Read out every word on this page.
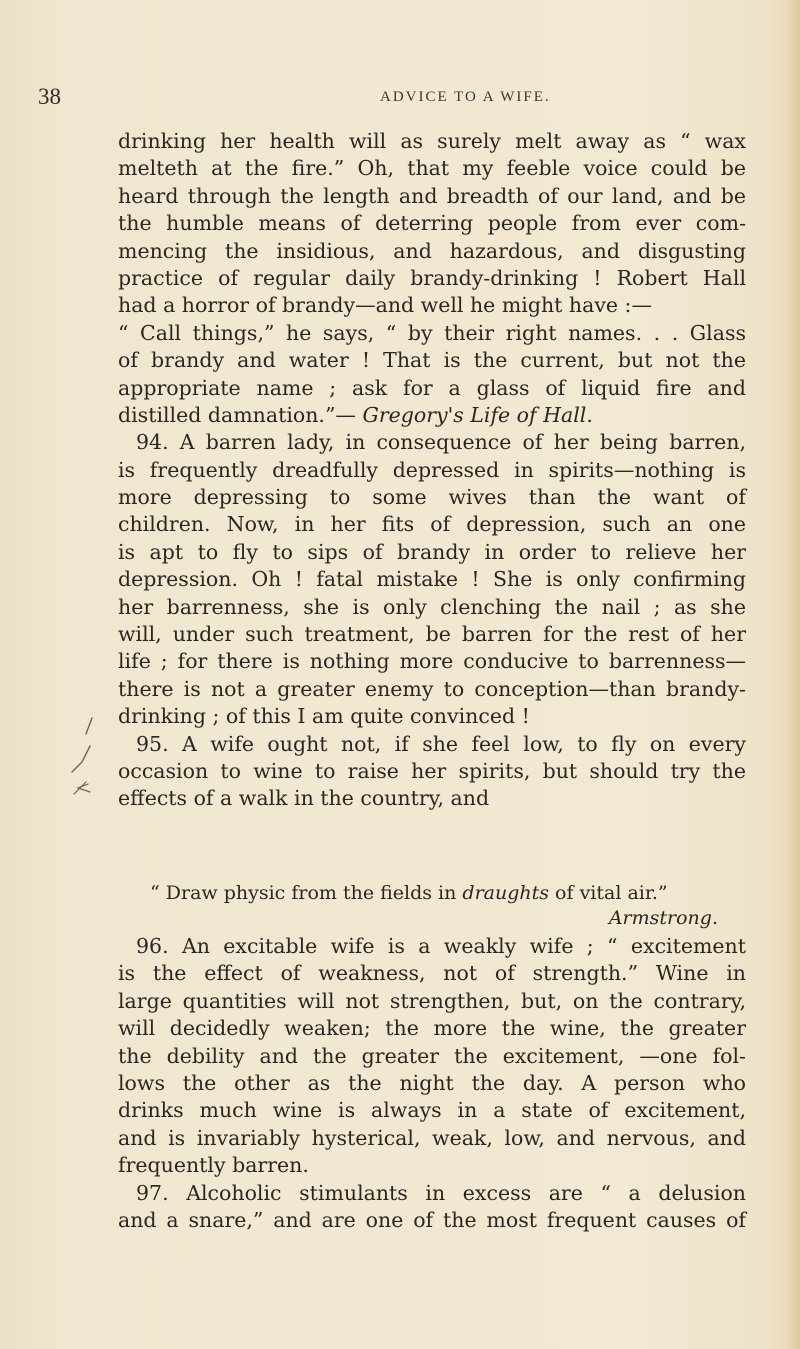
38	ADVICE TO A WIFE.
drinking her health will as surely melt away as “ wax
melteth at the fire.” Oh, that my feeble voice could be
heard through the length and breadth of our land, and be
the humble means of deterring people from ever com-
mencing the insidious, and hazardous, and disgusting
practice of regular daily brandy-drinking ! Robert Hall
had a horror of brandy—and well he might have :—
“ Call things,” he says, “ by their right names. . . Glass
of brandy and water ! That is the current, but not the
appropriate name ; ask for a glass of liquid fire and
distilled damnation.”— Gregory's Life of Hall.
94. A barren lady, in consequence of her being barren,
is frequently dreadfully depressed in spirits—nothing is
more depressing to some wives than the want of
children. Now, in her fits of depression, such an one
is apt to fly to sips of brandy in order to relieve her
depression. Oh ! fatal mistake ! She is only confirming
her barrenness, she is only clenching the nail ; as she
will, under such treatment, be barren for the rest of her
life ; for there is nothing more conducive to barrenness—
there is not a greater enemy to conception—than brandy-
drinking ; of this I am quite convinced !
95. A wife ought not, if she feel low, to fly on every
occasion to wine to raise her spirits, but should try the
effects of a walk in the country, and
“ Draw physic from the fields in draughts of vital air.”
Armstrong.
96. An excitable wife is a weakly wife ; “ excitement
is the effect of weakness, not of strength.” Wine in
large quantities will not strengthen, but, on the contrary,
will decidedly weaken; the more the wine, the greater
the debility and the greater the excitement, —one fol-
lows the other as the night the day. A person who
drinks much wine is always in a state of excitement,
and is invariably hysterical, weak, low, and nervous, and
frequently barren.
97. Alcoholic stimulants in excess are “ a delusion
and a snare,” and are one of the most frequent causes of
